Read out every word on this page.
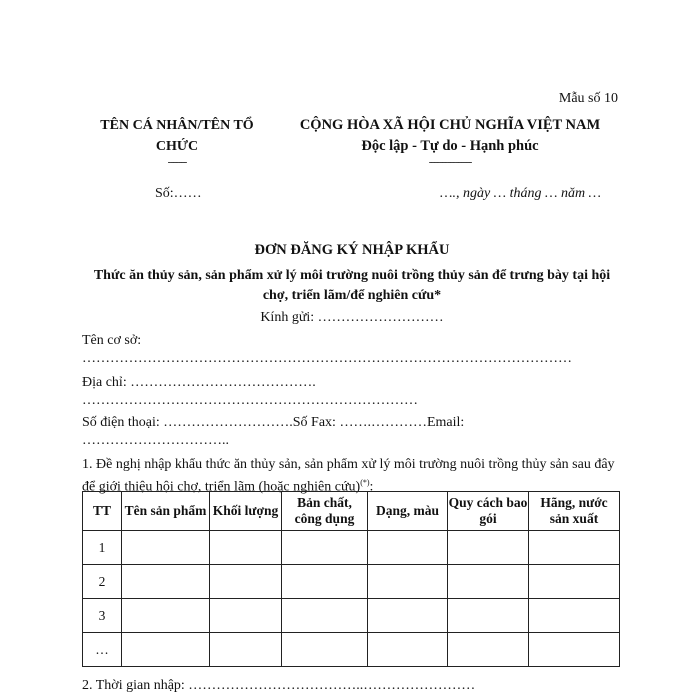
Mẫu số 10
TÊN CÁ NHÂN/TÊN TỔ
CHỨC
-------
CỘNG HÒA XÃ HỘI CHỦ NGHĨA VIỆT NAM
Độc lập - Tự do - Hạnh phúc
----------------
Số:……	…., ngày … tháng … năm …
ĐƠN ĐĂNG KÝ NHẬP KHẨU
Thức ăn thủy sản, sản phẩm xử lý môi trường nuôi trồng thủy sản để trưng bày tại hội chợ, triển lãm/để nghiên cứu*
Kính gửi: ………………………
Tên cơ sở:
……………………………………………………………………………………………
Địa chỉ: ………………………………….
………………………………………………………………
Số điện thoại: ……………………….Số Fax: …….…………Email:
…………………………..
1. Đề nghị nhập khẩu thức ăn thủy sản, sản phẩm xử lý môi trường nuôi trồng thủy sản sau đây để giới thiệu hội chợ, triển lãm (hoặc nghiên cứu)(*):
TT	Tên sản phẩm	Khối lượng	Bản chất, công dụng	Dạng, màu	Quy cách bao gói	Hãng, nước sản xuất
1						
2						
3						
…						
2. Thời gian nhập: ………………………………..……………………
